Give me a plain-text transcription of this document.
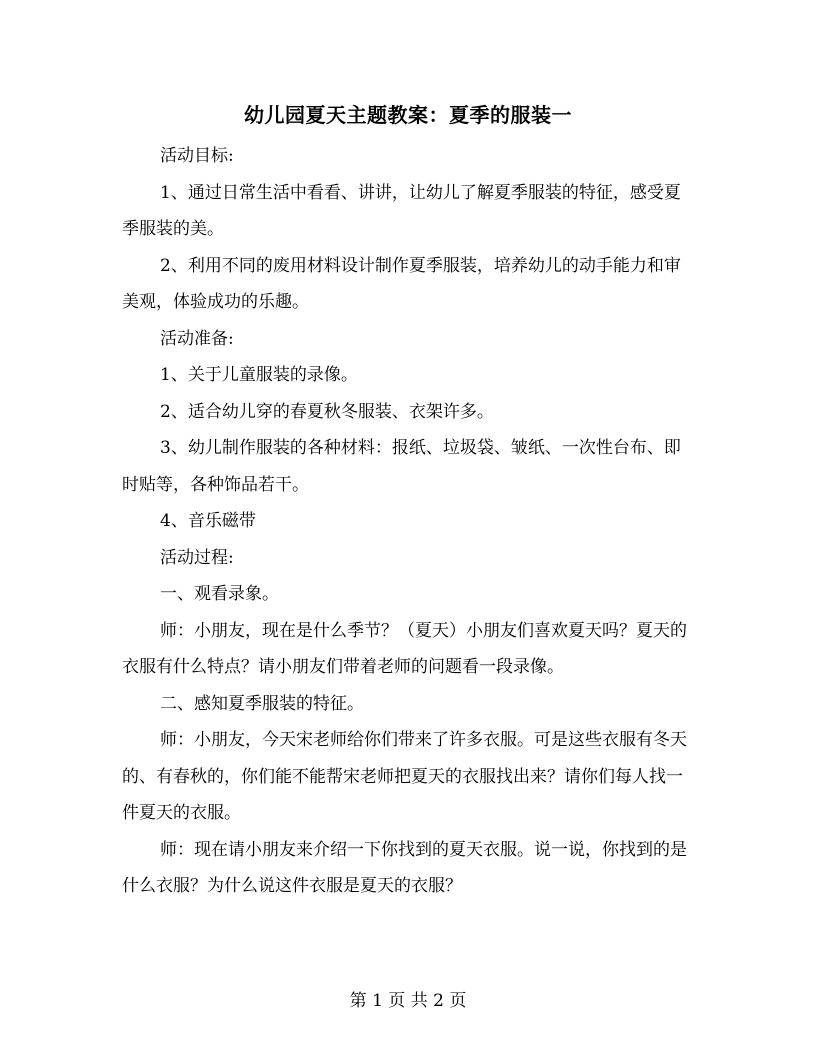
幼儿园夏天主题教案：夏季的服装一

活动目标:

1、通过日常生活中看看、讲讲，让幼儿了解夏季服装的特征，感受夏季服装的美。

2、利用不同的废用材料设计制作夏季服装，培养幼儿的动手能力和审美观，体验成功的乐趣。

活动准备:

1、关于儿童服装的录像。

2、适合幼儿穿的春夏秋冬服装、衣架许多。

3、幼儿制作服装的各种材料：报纸、垃圾袋、皱纸、一次性台布、即时贴等，各种饰品若干。

4、音乐磁带

活动过程:

一、观看录象。

师：小朋友，现在是什么季节？（夏天）小朋友们喜欢夏天吗？夏天的衣服有什么特点？请小朋友们带着老师的问题看一段录像。

二、感知夏季服装的特征。

师：小朋友，今天宋老师给你们带来了许多衣服。可是这些衣服有冬天的、有春秋的，你们能不能帮宋老师把夏天的衣服找出来？请你们每人找一件夏天的衣服。

师：现在请小朋友来介绍一下你找到的夏天衣服。说一说，你找到的是什么衣服？为什么说这件衣服是夏天的衣服？

第 1 页 共 2 页
